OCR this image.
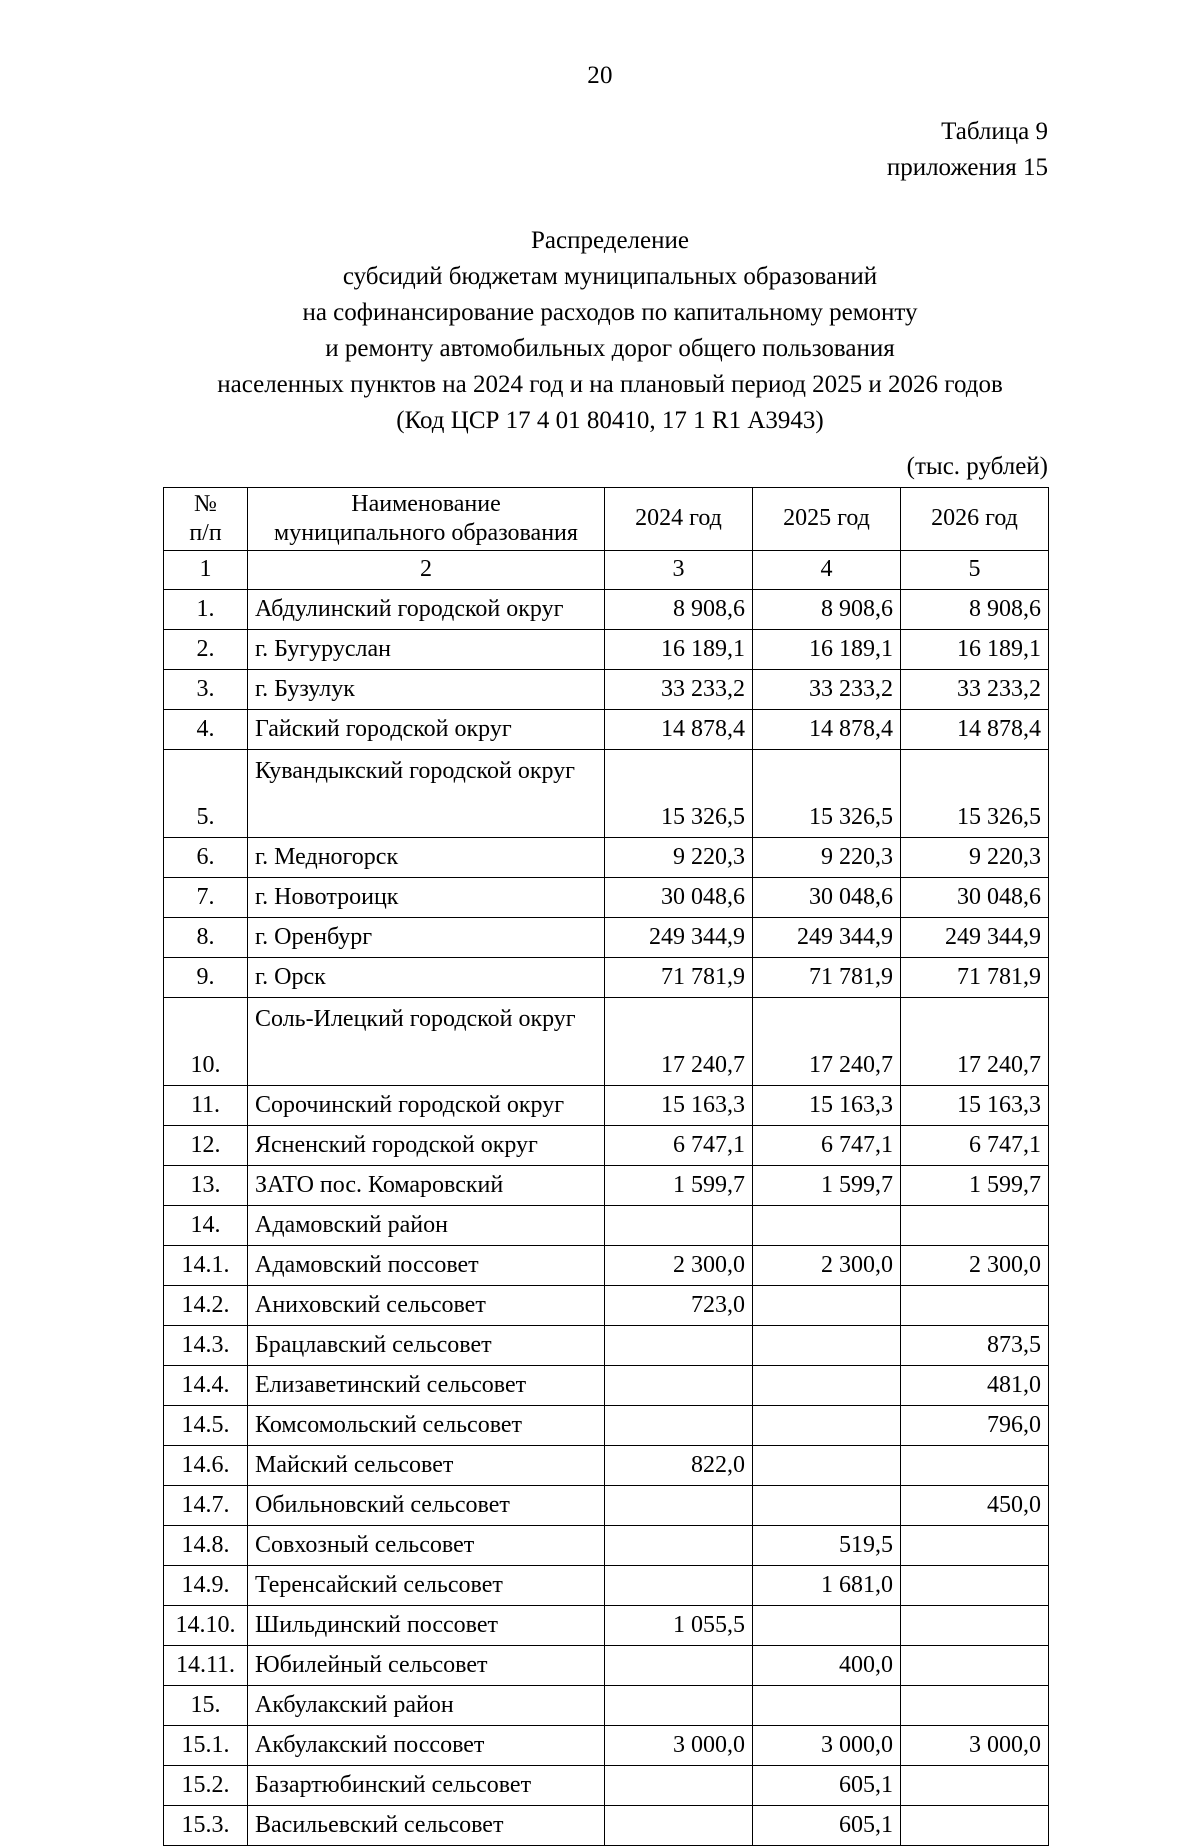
20
Таблица 9
приложения 15
Распределение
субсидий бюджетам муниципальных образований
на софинансирование расходов по капитальному ремонту
и ремонту автомобильных дорог общего пользования
населенных пунктов на 2024 год и на плановый период 2025 и 2026 годов
(Код ЦСР 17 4 01 80410, 17 1 R1 А3943)
(тыс. рублей)
№
п/п

Наименование
муниципального образования
	2024 год	2025 год	2026 год
1	2	3	4	5
1.	Абдулинский городской округ	8 908,6	8 908,6	8 908,6
2.	г. Бугуруслан	16 189,1	16 189,1	16 189,1
3.	г. Бузулук	33 233,2	33 233,2	33 233,2
4.	Гайский городской округ	14 878,4	14 878,4	14 878,4
5.	Кувандыкский городской округ	15 326,5	15 326,5	15 326,5
6.	г. Медногорск	9 220,3	9 220,3	9 220,3
7.	г. Новотроицк	30 048,6	30 048,6	30 048,6
8.	г. Оренбург	249 344,9	249 344,9	249 344,9
9.	г. Орск	71 781,9	71 781,9	71 781,9
10.	Соль-Илецкий городской округ	17 240,7	17 240,7	17 240,7
11.	Сорочинский городской округ	15 163,3	15 163,3	15 163,3
12.	Ясненский городской округ	6 747,1	6 747,1	6 747,1
13.	ЗАТО пос. Комаровский	1 599,7	1 599,7	1 599,7
14.	Адамовский район			
14.1.	Адамовский поссовет	2 300,0	2 300,0	2 300,0
14.2.	Аниховский сельсовет	723,0		
14.3.	Брацлавский сельсовет			873,5
14.4.	Елизаветинский сельсовет			481,0
14.5.	Комсомольский сельсовет			796,0
14.6.	Майский сельсовет	822,0		
14.7.	Обильновский сельсовет			450,0
14.8.	Совхозный сельсовет		519,5	
14.9.	Теренсайский сельсовет		1 681,0	
14.10.	Шильдинский поссовет	1 055,5		
14.11.	Юбилейный сельсовет		400,0	
15.	Акбулакский район			
15.1.	Акбулакский поссовет	3 000,0	3 000,0	3 000,0
15.2.	Базартюбинский сельсовет		605,1	
15.3.	Васильевский сельсовет		605,1	
